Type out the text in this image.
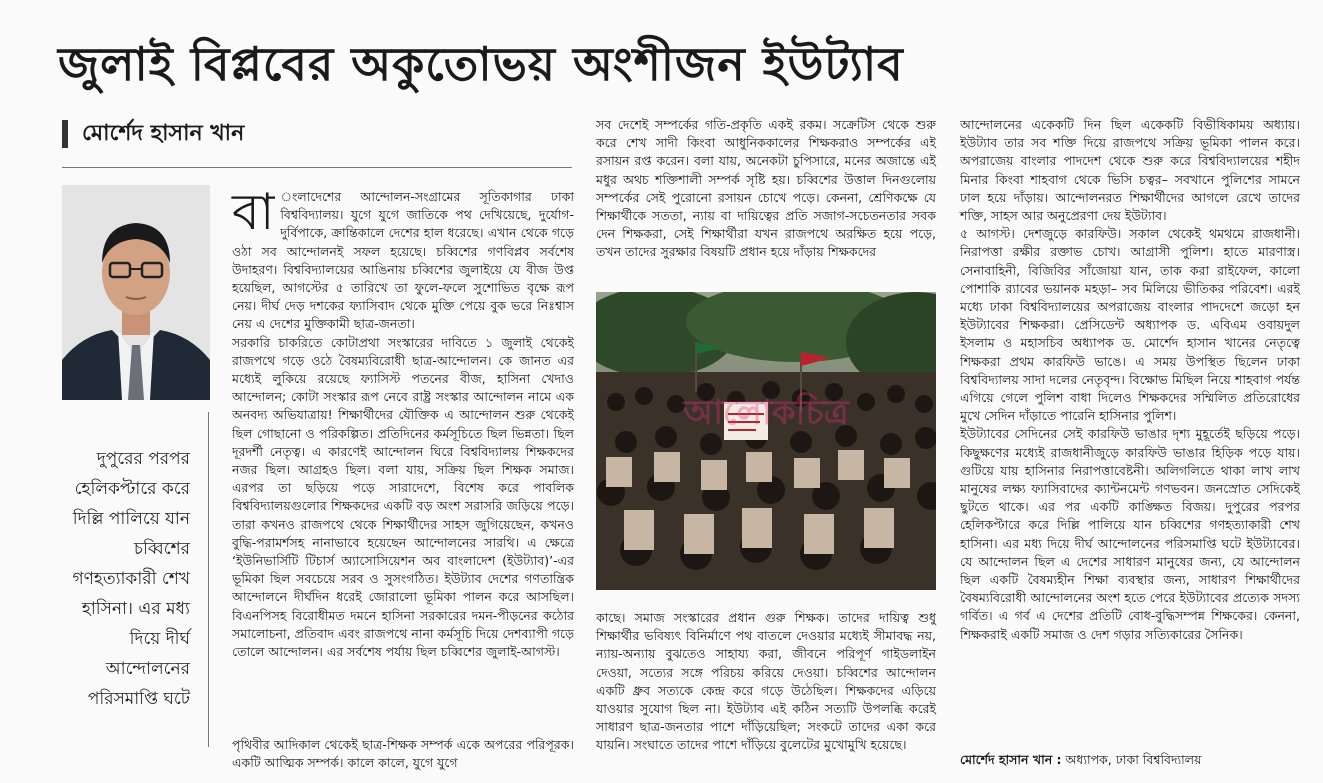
জুলাই বিপ্লবের অকুতোভয় অংশীজন ইউট্যাব
মোর্শেদ হাসান খান
দুপুরের পরপর হেলিকপ্টারে করে দিল্লি পালিয়ে যান চব্বিশের গণহত্যাকারী শেখ হাসিনা। এর মধ্য দিয়ে দীর্ঘ আন্দোলনের পরিসমাপ্তি ঘটে

বা ংলাদেশের আন্দোলন-সংগ্রামের সূতিকাগার ঢাকা বিশ্ববিদ্যালয়। যুগে যুগে জাতিকে পথ দেখিয়েছে, দুর্যোগ-দুর্বিপাকে, ক্রান্তিকালে দেশের হাল ধরেছে। এখান থেকে গড়ে ওঠা সব আন্দোলনই সফল হয়েছে। চব্বিশের গণবিপ্লব সর্বশেষ উদাহরণ। বিশ্ববিদ্যালয়ের আঙিনায় চব্বিশের জুলাইয়ে যে বীজ উপ্ত হয়েছিল, আগস্টের ৫ তারিখে তা ফুলে-ফলে সুশোভিত বৃক্ষে রূপ নেয়। দীর্ঘ দেড় দশকের ফ্যাসিবাদ থেকে মুক্তি পেয়ে বুক ভরে নিঃশ্বাস নেয় এ দেশের মুক্তিকামী ছাত্র-জনতা।

সরকারি চাকরিতে কোটাপ্রথা সংস্কারের দাবিতে ১ জুলাই থেকেই রাজপথে গড়ে ওঠে বৈষম্যবিরোধী ছাত্র-আন্দোলন। কে জানত এর মধ্যেই লুকিয়ে রয়েছে ফ্যাসিস্ট পতনের বীজ, হাসিনা খেদাও আন্দোলন; কোটা সংস্কার রূপ নেবে রাষ্ট্র সংস্কার আন্দোলন নামে এক অনবদ্য অভিযাত্রায়! শিক্ষার্থীদের যৌক্তিক এ আন্দোলন শুরু থেকেই ছিল গোছানো ও পরিকল্পিত। প্রতিদিনের কর্মসূচিতে ছিল ভিন্নতা। ছিল দূরদর্শী নেতৃত্ব। এ কারণেই আন্দোলন ঘিরে বিশ্ববিদ্যালয় শিক্ষকদের নজর ছিল। আগ্রহও ছিল। বলা যায়, সক্রিয় ছিল শিক্ষক সমাজ। এরপর তা ছড়িয়ে পড়ে সারাদেশে, বিশেষ করে পাবলিক বিশ্ববিদ্যালয়গুলোর শিক্ষকদের একটি বড় অংশ সরাসরি জড়িয়ে পড়ে। তারা কখনও রাজপথে থেকে শিক্ষার্থীদের সাহস জুগিয়েছেন, কখনও বুদ্ধি-পরামর্শসহ নানাভাবে হয়েছেন আন্দোলনের সারথি। এ ক্ষেত্রে ‘ইউনিভার্সিটি টিচার্স অ্যাসোসিয়েশন অব বাংলাদেশ (ইউট্যাব)’-এর ভূমিকা ছিল সবচেয়ে সরব ও সুসংগঠিত। ইউট্যাব দেশের গণতান্ত্রিক আন্দোলনে দীর্ঘদিন ধরেই জোরালো ভূমিকা পালন করে আসছিল। বিএনপিসহ বিরোধীমত দমনে হাসিনা সরকারের দমন-পীড়নের কঠোর সমালোচনা, প্রতিবাদ এবং রাজপথে নানা কর্মসূচি দিয়ে দেশব্যাপী গড়ে তোলে আন্দোলন। এর সর্বশেষ পর্যায় ছিল চব্বিশের জুলাই-আগস্ট।

পৃথিবীর আদিকাল থেকেই ছাত্র-শিক্ষক সম্পর্ক একে অপরের পরিপূরক। একটি আত্মিক সম্পর্ক। কালে কালে, যুগে যুগে

সব দেশেই সম্পর্কের গতি-প্রকৃতি একই রকম। সক্রেটিস থেকে শুরু করে শেখ সাদী কিংবা আধুনিককালের শিক্ষকরাও সম্পর্কের এই রসায়ন রপ্ত করেন। বলা যায়, অনেকটা চুপিসারে, মনের অজান্তে এই মধুর অথচ শক্তিশালী সম্পর্ক সৃষ্টি হয়। চব্বিশের উত্তাল দিনগুলোয় সম্পর্কের সেই পুরোনো রসায়ন চোখে পড়ে। কেননা, শ্রেণিকক্ষে যে শিক্ষার্থীকে সততা, ন্যায় বা দায়িত্বের প্রতি সজাগ-সচেতনতার সবক দেন শিক্ষকরা, সেই শিক্ষার্থীরা যখন রাজপথে অরক্ষিত হয়ে পড়ে, তখন তাদের সুরক্ষার বিষয়টি প্রধান হয়ে দাঁড়ায় শিক্ষকদের

আলোকচিত্র

কাছে। সমাজ সংস্কারের প্রধান গুরু শিক্ষক। তাদের দায়িত্ব শুধু শিক্ষার্থীর ভবিষ্যৎ বিনির্মাণে পথ বাতলে দেওয়ার মধ্যেই সীমাবদ্ধ নয়, ন্যায়-অন্যায় বুঝতেও সাহায্য করা, জীবনে পরিপূর্ণ গাইডলাইন দেওয়া, সত্যের সঙ্গে পরিচয় করিয়ে দেওয়া। চব্বিশের আন্দোলন একটি ধ্রুব সত্যকে কেন্দ্র করে গড়ে উঠেছিল। শিক্ষকদের এড়িয়ে যাওয়ার সুযোগ ছিল না। ইউট্যাব এই কঠিন সত্যটি উপলব্ধি করেই সাধারণ ছাত্র-জনতার পাশে দাঁড়িয়েছিল; সংকটে তাদের একা করে যায়নি। সংঘাতে তাদের পাশে দাঁড়িয়ে বুলেটের মুখোমুখি হয়েছে।

আন্দোলনের একেকটি দিন ছিল একেকটি বিভীষিকাময় অধ্যায়। ইউট্যাব তার সব শক্তি দিয়ে রাজপথে সক্রিয় ভূমিকা পালন করে। অপরাজেয় বাংলার পাদদেশ থেকে শুরু করে বিশ্ববিদ্যালয়ের শহীদ মিনার কিংবা শাহবাগ থেকে ভিসি চত্বর– সবখানে পুলিশের সামনে ঢাল হয়ে দাঁড়ায়। আন্দোলনরত শিক্ষার্থীদের আগলে রেখে তাদের শক্তি, সাহস আর অনুপ্রেরণা দেয় ইউট্যাব।

৫ আগস্ট। দেশজুড়ে কারফিউ। সকাল থেকেই থমথমে রাজধানী। নিরাপত্তা রক্ষীর রক্তাভ চোখ। আগ্রাসী পুলিশ। হাতে মারণাস্ত্র। সেনাবাহিনী, বিজিবির সাঁজোয়া যান, তাক করা রাইফেল, কালো পোশাকি র‍্যাবের ভয়ানক মহড়া– সব মিলিয়ে ভীতিকর পরিবেশ। এরই মধ্যে ঢাকা বিশ্ববিদ্যালয়ের অপরাজেয় বাংলার পাদদেশে জড়ো হন ইউট্যাবের শিক্ষকরা। প্রেসিডেন্ট অধ্যাপক ড. এবিএম ওবায়দুল ইসলাম ও মহাসচিব অধ্যাপক ড. মোর্শেদ হাসান খানের নেতৃত্বে শিক্ষকরা প্রথম কারফিউ ভাঙে। এ সময় উপস্থিত ছিলেন ঢাকা বিশ্ববিদ্যালয় সাদা দলের নেতৃবৃন্দ। বিক্ষোভ মিছিল নিয়ে শাহবাগ পর্যন্ত এগিয়ে গেলে পুলিশ বাধা দিলেও শিক্ষকদের সম্মিলিত প্রতিরোধের মুখে সেদিন দাঁড়াতে পারেনি হাসিনার পুলিশ।

ইউট্যাবের সেদিনের সেই কারফিউ ভাঙার দৃশ্য মুহূর্তেই ছড়িয়ে পড়ে। কিছুক্ষণের মধ্যেই রাজধানীজুড়ে কারফিউ ভাঙার হিড়িক পড়ে যায়। গুটিয়ে যায় হাসিনার নিরাপত্তাবেষ্টনী। অলিগলিতে থাকা লাখ লাখ মানুষের লক্ষ্য ফ্যাসিবাদের ক্যান্টনমেন্ট গণভবন। জনস্রোত সেদিকেই ছুটতে থাকে। এর পর একটি কাঙ্ক্ষিত বিজয়। দুপুরের পরপর হেলিকপ্টারে করে দিল্লি পালিয়ে যান চব্বিশের গণহত্যাকারী শেখ হাসিনা। এর মধ্য দিয়ে দীর্ঘ আন্দোলনের পরিসমাপ্তি ঘটে ইউট্যাবের। যে আন্দোলন ছিল এ দেশের সাধারণ মানুষের জন্য, যে আন্দোলন ছিল একটি বৈষম্যহীন শিক্ষা ব্যবস্থার জন্য, সাধারণ শিক্ষার্থীদের বৈষম্যবিরোধী আন্দোলনের অংশ হতে পেরে ইউট্যাবের প্রত্যেক সদস্য গর্বিত। এ গর্ব এ দেশের প্রতিটি বোধ-বুদ্ধিসম্পন্ন শিক্ষকের। কেননা, শিক্ষকরাই একটি সমাজ ও দেশ গড়ার সত্যিকারের সৈনিক।

মোর্শেদ হাসান খান : অধ্যাপক, ঢাকা বিশ্ববিদ্যালয়
